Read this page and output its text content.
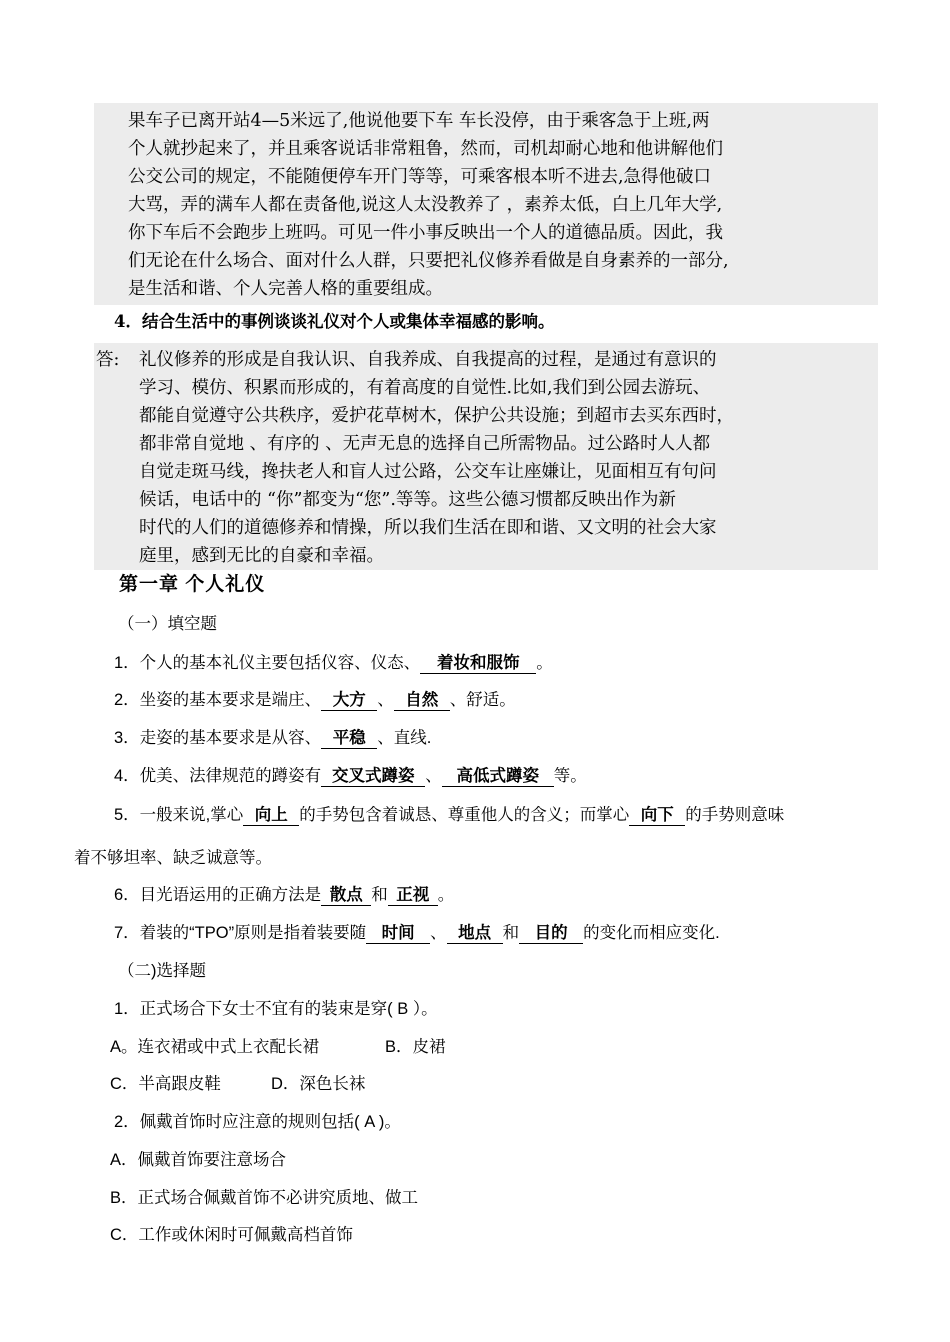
果车子已离开站4—5米远了,他说他要下车 车长没停，由于乘客急于上班,两
个人就抄起来了，并且乘客说话非常粗鲁，然而，司机却耐心地和他讲解他们
公交公司的规定，不能随便停车开门等等，可乘客根本听不进去,急得他破口
大骂，弄的满车人都在责备他,说这人太没教养了 ，素养太低，白上几年大学,
你下车后不会跑步上班吗。可见一件小事反映出一个人的道德品质。因此，我
们无论在什么场合、面对什么人群，只要把礼仪修养看做是自身素养的一部分,
是生活和谐、个人完善人格的重要组成。
4．结合生活中的事例谈谈礼仪对个人或集体幸福感的影响。
答: 礼仪修养的形成是自我认识、自我养成、自我提高的过程，是通过有意识的
学习、模仿、积累而形成的，有着高度的自觉性.比如,我们到公园去游玩、
都能自觉遵守公共秩序，爱护花草树木，保护公共设施；到超市去买东西时，
都非常自觉地 、有序的 、无声无息的选择自己所需物品。过公路时人人都
自觉走斑马线，搀扶老人和盲人过公路，公交车让座嫌让，见面相互有句问
候话，电话中的 “你”都变为“您”.等等。这些公德习惯都反映出作为新
时代的人们的道德修养和情操，所以我们生活在即和谐、又文明的社会大家
庭里，感到无比的自豪和幸福。
第一章 个人礼仪
（一）填空题
1．个人的基本礼仪主要包括仪容、仪态、 着妆和服饰 。
2．坐姿的基本要求是端庄、 大方 、 自然 、舒适。
3．走姿的基本要求是从容、 平稳 、直线.
4．优美、法律规范的蹲姿有 交叉式蹲姿 、 高低式蹲姿 等。
5．一般来说,掌心 向上 的手势包含着诚恳、尊重他人的含义；而掌心 向下 的手势则意味
着不够坦率、缺乏诚意等。
6．目光语运用的正确方法是 散点 和 正视 。
7．着装的“TPO”原则是指着装要随 时间 、 地点 和 目的 的变化而相应变化.
（二)选择题
1．正式场合下女士不宜有的装束是穿( B ）。
A。连衣裙或中式上衣配长裙	B．皮裙
C．半高跟皮鞋	D．深色长袜
2．佩戴首饰时应注意的规则包括( A )。
A．佩戴首饰要注意场合
B．正式场合佩戴首饰不必讲究质地、做工
C．工作或休闲时可佩戴高档首饰
